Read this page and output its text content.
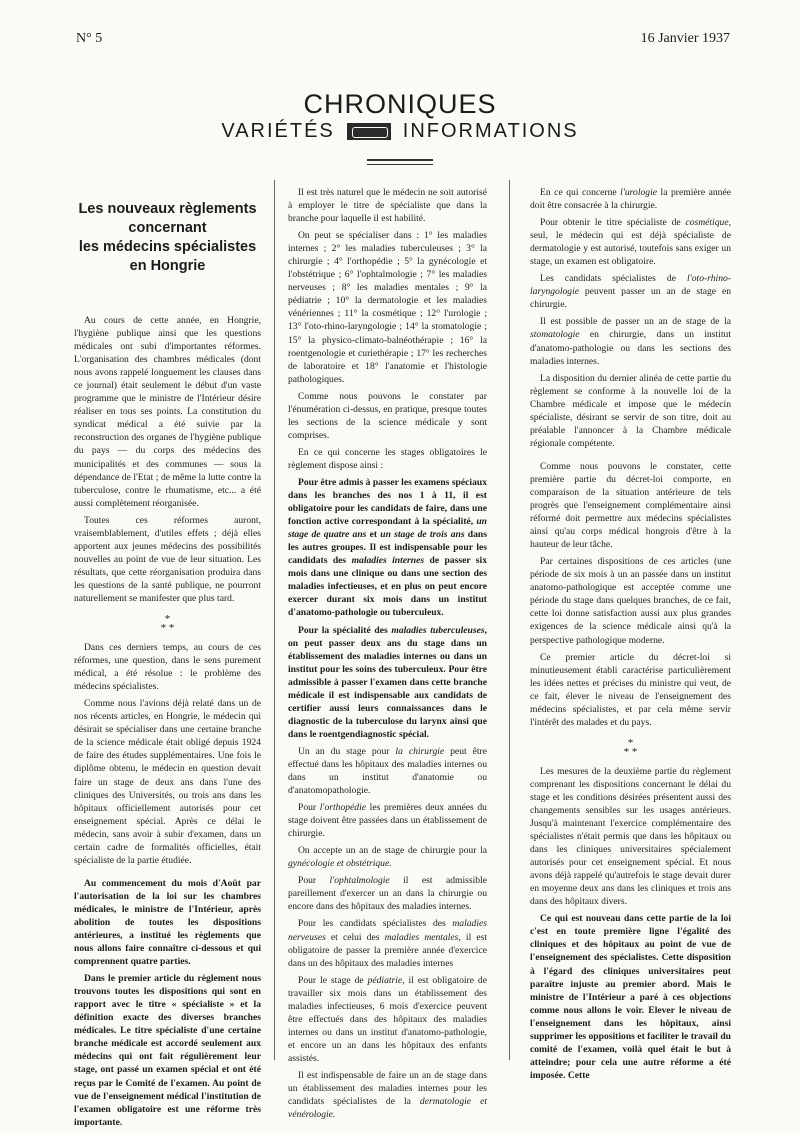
N° 5	16 Janvier 1937
CHRONIQUES
VARIÉTÉS	INFORMATIONS
Les nouveaux règlements
concernant
les médecins spécialistes
en Hongrie

Au cours de cette année, en Hongrie, l'hygiène publique ainsi que les questions médicales ont subi d'importantes réformes. L'organisation des chambres médicales (dont nous avons rappelé longuement les clauses dans ce journal) était seulement le début d'un vaste programme que le ministre de l'Intérieur désire réaliser en tous ses points. La constitution du syndicat médical a été suivie par la reconstruction des organes de l'hygiène publique du pays — du corps des médecins des municipalités et des communes — sous la dépendance de l'Etat ; de même la lutte contre la tuberculose, contre le rhumatisme, etc... a été aussi complètement réorganisée.

Toutes ces réformes auront, vraisemblablement, d'utiles effets ; déjà elles apportent aux jeunes médecins des possibilités nouvelles au point de vue de leur situation. Les résultats, que cette réorganisation produira dans les questions de la santé publique, ne pourront naturellement se manifester que plus tard.

*
* *

Dans ces derniers temps, au cours de ces réformes, une question, dans le sens purement médical, a été résolue : le problème des médecins spécialistes.

Comme nous l'avions déjà relaté dans un de nos récents articles, en Hongrie, le médecin qui désirait se spécialiser dans une certaine branche de la science médicale était obligé depuis 1924 de faire des études supplémentaires. Une fois le diplôme obtenu, le médecin en question devait faire un stage de deux ans dans l'une des cliniques des Universités, ou trois ans dans les hôpitaux officiellement autorisés pour cet enseignement spécial. Après ce délai le médecin, sans avoir à subir d'examen, dans un certain cadre de formalités officielles, était spécialiste de la partie étudiée.

Au commencement du mois d'Août par l'autorisation de la loi sur les chambres médicales, le ministre de l'Intérieur, après abolition de toutes les dispositions antérieures, a institué les règlements que nous allons faire connaître ci-dessous et qui comprennent quatre parties.

Dans le premier article du règlement nous trouvons toutes les dispositions qui sont en rapport avec le titre « spécialiste » et la définition exacte des diverses branches médicales. Le titre spécialiste d'une certaine branche médicale est accordé seulement aux médecins qui ont fait régulièrement leur stage, ont passé un examen spécial et ont été reçus par le Comité de l'examen. Au point de vue de l'enseignement médical l'institution de l'examen obligatoire est une réforme très importante.

Il est très naturel que le médecin ne soit autorisé à employer le titre de spécialiste que dans la branche pour laquelle il est habilité.

On peut se spécialiser dans : 1° les maladies internes ; 2° les maladies tuberculeuses ; 3° la chirurgie ; 4° l'orthopédie ; 5° la gynécologie et l'obstétrique ; 6° l'ophtalmologie ; 7° les maladies nerveuses ; 8° les maladies mentales ; 9° la pédiatrie ; 10° la dermatologie et les maladies vénériennes ; 11° la cosmétique ; 12° l'urologie ; 13° l'oto-rhino-laryngologie ; 14° la stomatologie ; 15° la physico-climato-balnéothérapie ; 16° la roentgenologie et curiethérapie ; 17° les recherches de laboratoire et 18° l'anatomie et l'histologie pathologiques.

Comme nous pouvons le constater par l'énumération ci-dessus, en pratique, presque toutes les sections de la science médicale y sont comprises.

En ce qui concerne les stages obligatoires le règlement dispose ainsi :

Pour être admis à passer les examens spéciaux dans les branches des nos 1 à 11, il est obligatoire pour les candidats de faire, dans une fonction active correspondant à la spécialité, un stage de quatre ans et un stage de trois ans dans les autres groupes. Il est indispensable pour les candidats des maladies internes de passer six mois dans une clinique ou dans une section des maladies infectieuses, et en plus on peut encore exercer durant six mois dans un institut d'anatomo-pathologie ou tuberculeux.

Pour la spécialité des maladies tuberculeuses, on peut passer deux ans du stage dans un établissement des maladies internes ou dans un institut pour les soins des tuberculeux. Pour être admissible à passer l'examen dans cette branche médicale il est indispensable aux candidats de certifier aussi leurs connaissances dans le diagnostic de la tuberculose du larynx ainsi que dans le roentgendiagnostic spécial.

Un an du stage pour la chirurgie peut être effectué dans les hôpitaux des maladies internes ou dans un institut d'anatomie ou d'anatomopathologie.

Pour l'orthopédie les premières deux années du stage doivent être passées dans un établissement de chirurgie.

On accepte un an de stage de chirurgie pour la gynécologie et obstétrique.

Pour l'ophtalmologie il est admissible pareillement d'exercer un an dans la chirurgie ou encore dans des hôpitaux des maladies internes.

Pour les candidats spécialistes des maladies nerveuses et celui des maladies mentales, il est obligatoire de passer la première année d'exercice dans un des hôpitaux des maladies internes

Pour le stage de pédiatrie, il est obligatoire de travailler six mois dans un établissement des maladies infectieuses, 6 mois d'exercice peuvent être effectués dans des hôpitaux des maladies internes ou dans un institut d'anatomo-pathologie, et encore un an dans les hôpitaux des enfants assistés.

Il est indispensable de faire un an de stage dans un établissement des maladies internes pour les candidats spécialistes de la dermatologie et vénérologie.

En ce qui concerne l'urologie la première année doit être consacrée à la chirurgie.

Pour obtenir le titre spécialiste de cosmétique, seul, le médecin qui est déjà spécialiste de dermatologie y est autorisé, toutefois sans exiger un stage, un examen est obligatoire.

Les candidats spécialistes de l'oto-rhino-laryngologie peuvent passer un an de stage en chirurgie.

Il est possible de passer un an de stage de la stomatologie en chirurgie, dans un institut d'anatomo-pathologie ou dans les sections des maladies internes.

La disposition du dernier alinéa de cette partie du règlement se conforme à la nouvelle loi de la Chambre médicale et impose que le médecin spécialiste, désirant se servir de son titre, doit au préalable l'annoncer à la Chambre médicale régionale compétente.

Comme nous pouvons le constater, cette première partie du décret-loi comporte, en comparaison de la situation antérieure de tels progrès que l'enseignement complémentaire ainsi réformé doit permettre aux médecins spécialistes ainsi qu'au corps médical hongrois d'être à la hauteur de leur tâche.

Par certaines dispositions de ces articles (une période de six mois à un an passée dans un institut anatomo-pathologique est acceptée comme une période du stage dans quelques branches, de ce fait, cette loi donne satisfaction aussi aux plus grandes exigences de la science médicale ainsi qu'à la perspective pathologique moderne.

Ce premier article du décret-loi si minutieusement établi caractérise particulièrement les idées nettes et précises du ministre qui veut, de ce fait, élever le niveau de l'enseignement des médecins spécialistes, et par cela même servir l'intérêt des malades et du pays.

*
* *

Les mesures de la deuxième partie du règlement comprenant les dispositions concernant le délai du stage et les conditions désirées présentent aussi des changements sensibles sur les usages antérieurs. Jusqu'à maintenant l'exercice complémentaire des spécialistes n'était permis que dans les hôpitaux ou dans les cliniques universitaires spécialement autorisés pour cet enseignement spécial. Et nous avons déjà rappelé qu'autrefois le stage devait durer en moyenne deux ans dans les cliniques et trois ans dans des hôpitaux divers.

Ce qui est nouveau dans cette partie de la loi c'est en toute première ligne l'égalité des cliniques et des hôpitaux au point de vue de l'enseignement des spécialistes. Cette disposition à l'égard des cliniques universitaires peut paraître injuste au premier abord. Mais le ministre de l'Intérieur a paré à ces objections comme nous allons le voir. Elever le niveau de l'enseignement dans les hôpitaux, ainsi supprimer les oppositions et faciliter le travail du comité de l'examen, voilà quel était le but à atteindre; pour cela une autre réforme a été imposée. Cette
